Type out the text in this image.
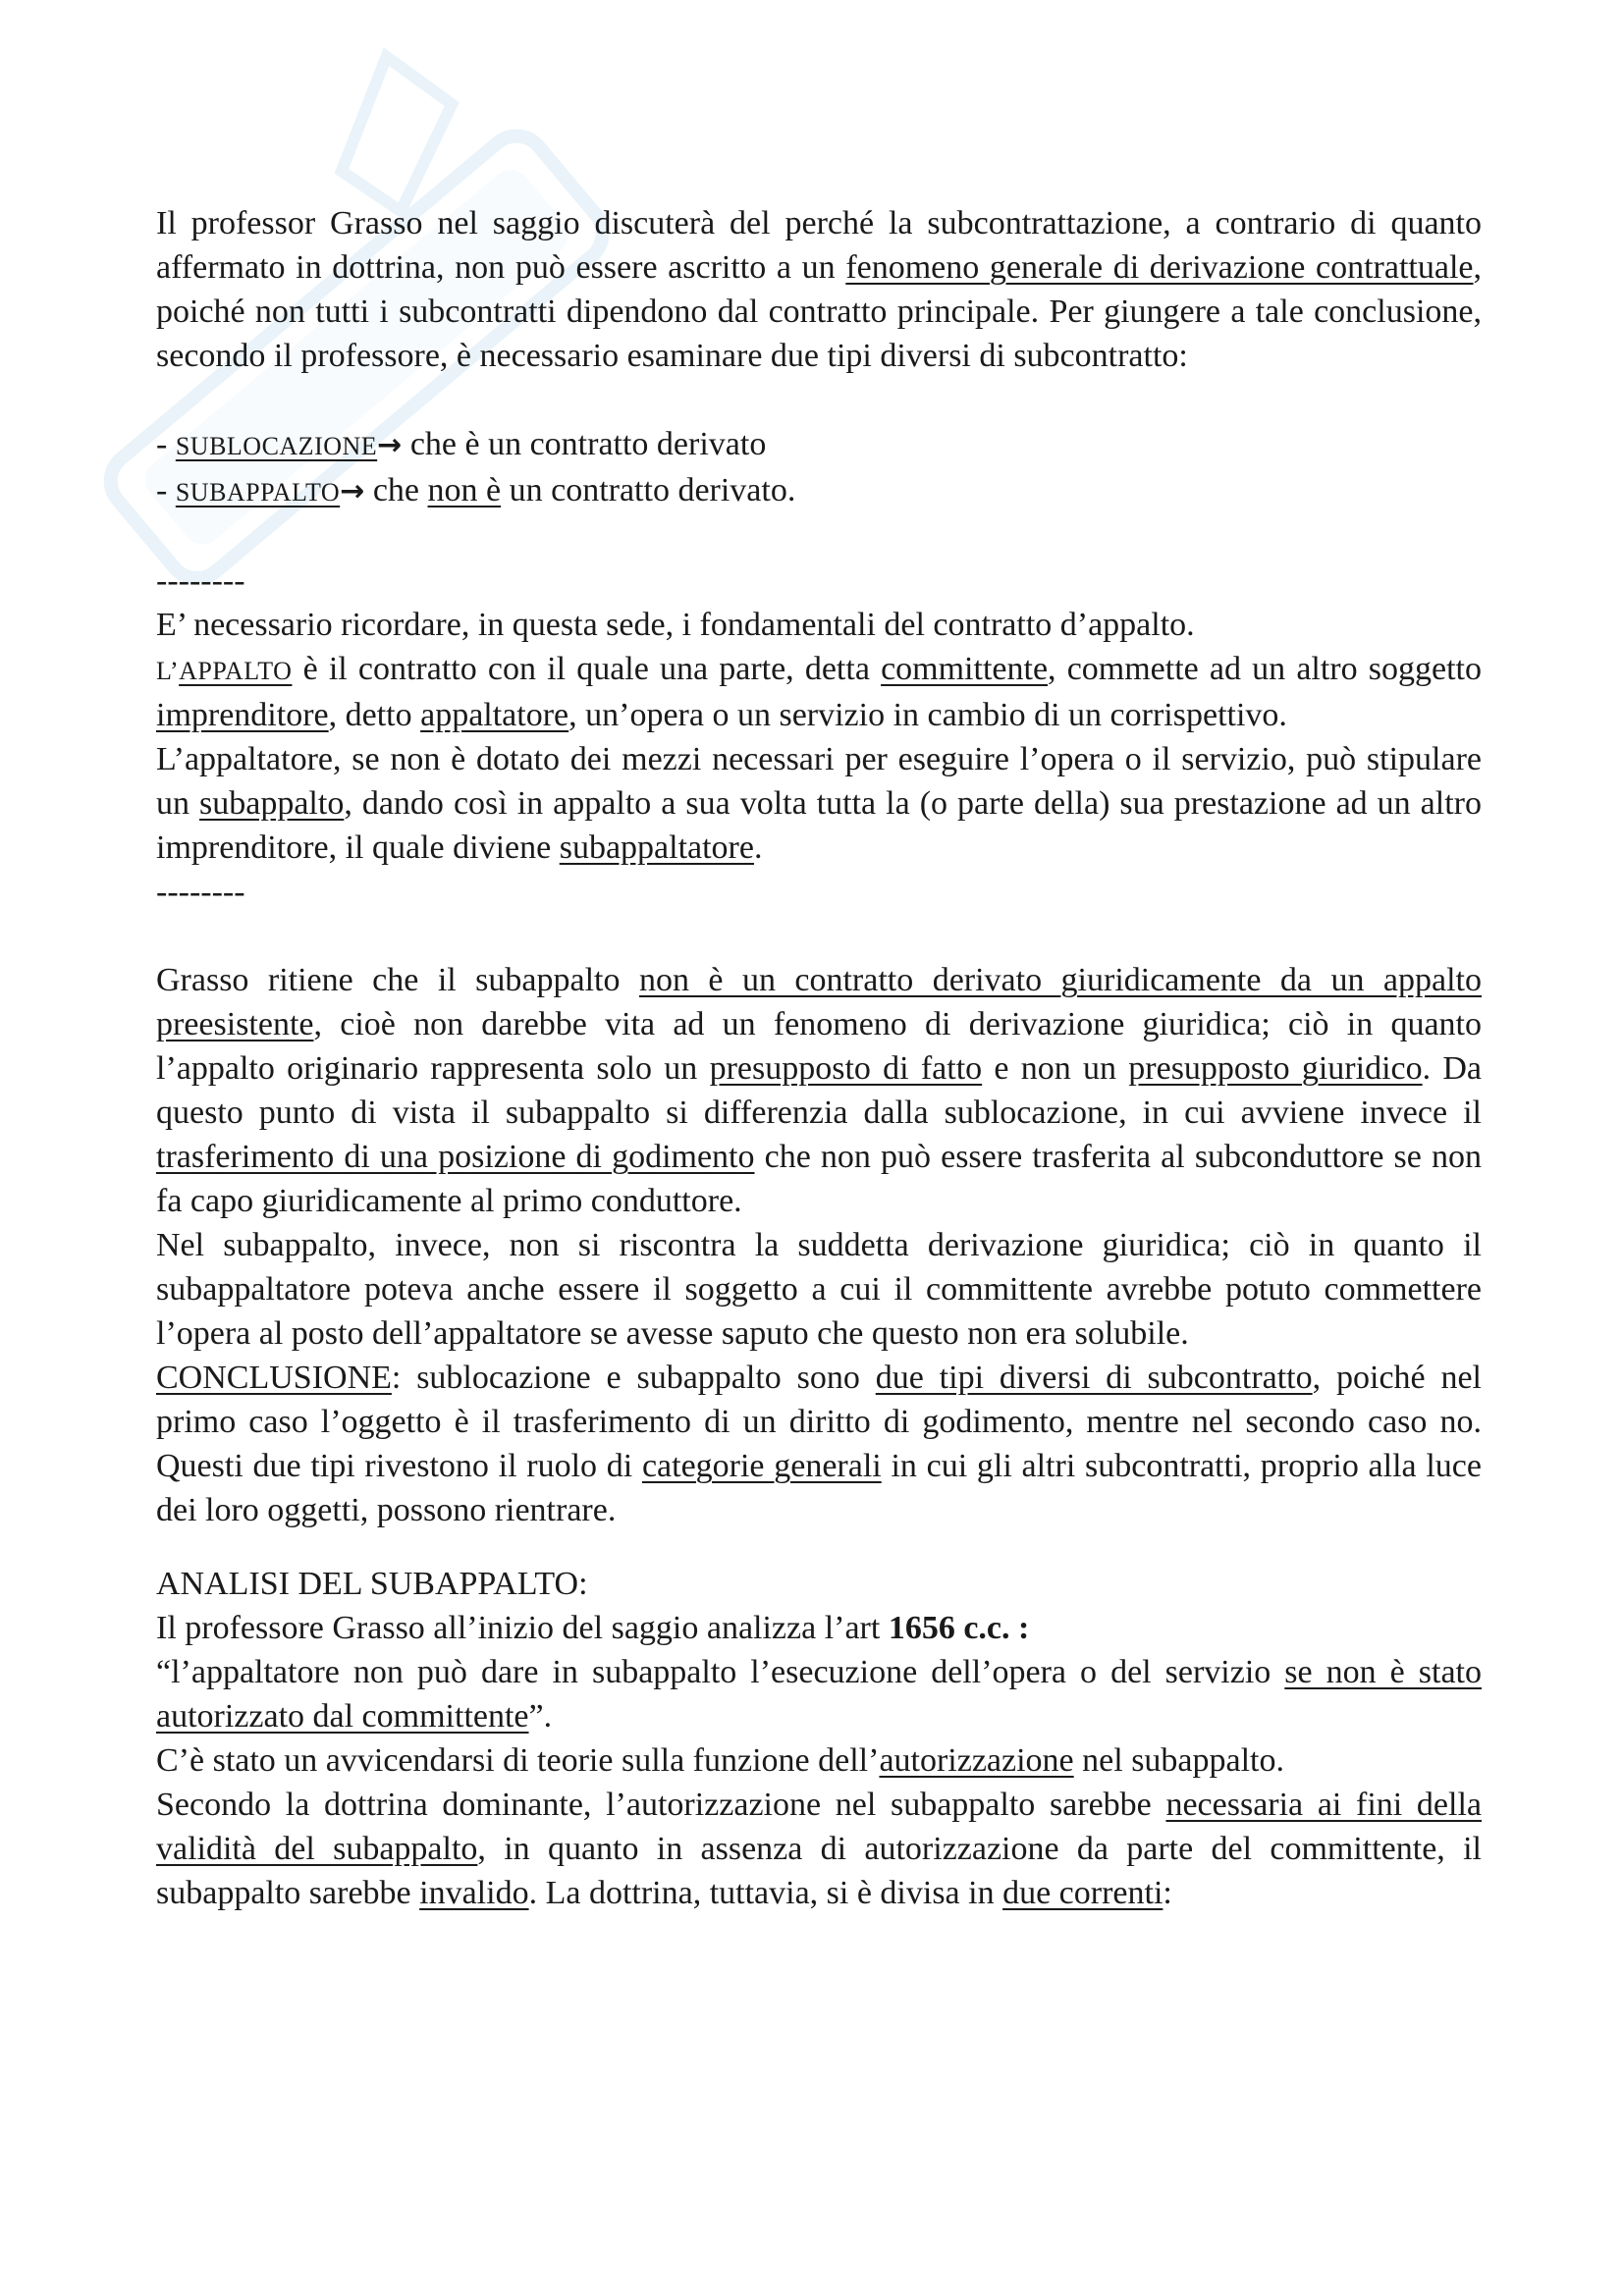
Il professor Grasso nel saggio discuterà del perché la subcontrattazione, a contrario di quanto affermato in dottrina, non può essere ascritto a un fenomeno generale di derivazione contrattuale, poiché non tutti i subcontratti dipendono dal contratto principale. Per giungere a tale conclusione, secondo il professore, è necessario esaminare due tipi diversi di subcontratto:

- SUBLOCAZIONE→ che è un contratto derivato

- SUBAPPALTO→ che non è un contratto derivato.

--------

E’ necessario ricordare, in questa sede, i fondamentali del contratto d’appalto.

L’APPALTO è il contratto con il quale una parte, detta committente, commette ad un altro soggetto imprenditore, detto appaltatore, un’opera o un servizio in cambio di un corrispettivo.

L’appaltatore, se non è dotato dei mezzi necessari per eseguire l’opera o il servizio, può stipulare un subappalto, dando così in appalto a sua volta tutta la (o parte della) sua prestazione ad un altro imprenditore, il quale diviene subappaltatore.

--------

Grasso ritiene che il subappalto non è un contratto derivato giuridicamente da un appalto preesistente, cioè non darebbe vita ad un fenomeno di derivazione giuridica; ciò in quanto l’appalto originario rappresenta solo un presupposto di fatto e non un presupposto giuridico. Da questo punto di vista il subappalto si differenzia dalla sublocazione, in cui avviene invece il trasferimento di una posizione di godimento che non può essere trasferita al subconduttore se non fa capo giuridicamente al primo conduttore.

Nel subappalto, invece, non si riscontra la suddetta derivazione giuridica; ciò in quanto il subappaltatore poteva anche essere il soggetto a cui il committente avrebbe potuto commettere l’opera al posto dell’appaltatore se avesse saputo che questo non era solubile.

CONCLUSIONE: sublocazione e subappalto sono due tipi diversi di subcontratto, poiché nel primo caso l’oggetto è il trasferimento di un diritto di godimento, mentre nel secondo caso no. Questi due tipi rivestono il ruolo di categorie generali in cui gli altri subcontratti, proprio alla luce dei loro oggetti, possono rientrare.

ANALISI DEL SUBAPPALTO:

Il professore Grasso all’inizio del saggio analizza l’art 1656 c.c. :

“l’appaltatore non può dare in subappalto l’esecuzione dell’opera o del servizio se non è stato autorizzato dal committente”.

C’è stato un avvicendarsi di teorie sulla funzione dell’autorizzazione nel subappalto.

Secondo la dottrina dominante, l’autorizzazione nel subappalto sarebbe necessaria ai fini della validità del subappalto, in quanto in assenza di autorizzazione da parte del committente, il subappalto sarebbe invalido. La dottrina, tuttavia, si è divisa in due correnti:
